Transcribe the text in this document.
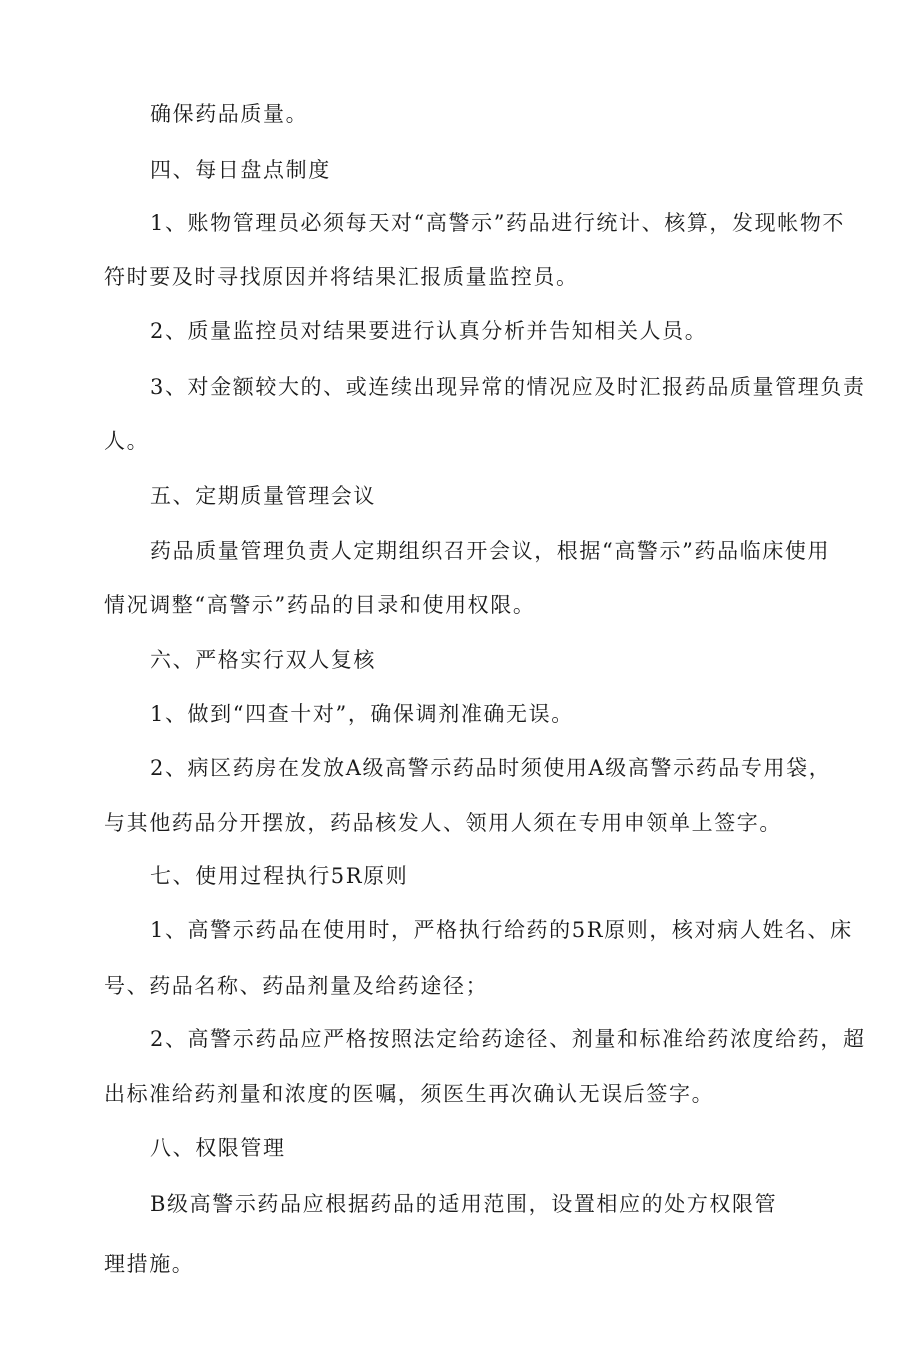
确保药品质量。

四、每日盘点制度

1、账物管理员必须每天对“高警示”药品进行统计、核算，发现帐物不

符时要及时寻找原因并将结果汇报质量监控员。

2、质量监控员对结果要进行认真分析并告知相关人员。

3、对金额较大的、或连续出现异常的情况应及时汇报药品质量管理负责

人。

五、定期质量管理会议

药品质量管理负责人定期组织召开会议，根据“高警示”药品临床使用

情况调整“高警示”药品的目录和使用权限。

六、严格实行双人复核

1、做到“四查十对”，确保调剂准确无误。

2、病区药房在发放A级高警示药品时须使用A级高警示药品专用袋，

与其他药品分开摆放，药品核发人、领用人须在专用申领单上签字。

七、使用过程执行5R原则

1、高警示药品在使用时，严格执行给药的5R原则，核对病人姓名、床

号、药品名称、药品剂量及给药途径；

2、高警示药品应严格按照法定给药途径、剂量和标准给药浓度给药，超

出标准给药剂量和浓度的医嘱，须医生再次确认无误后签字。

八、权限管理

B级高警示药品应根据药品的适用范围，设置相应的处方权限管

理措施。
